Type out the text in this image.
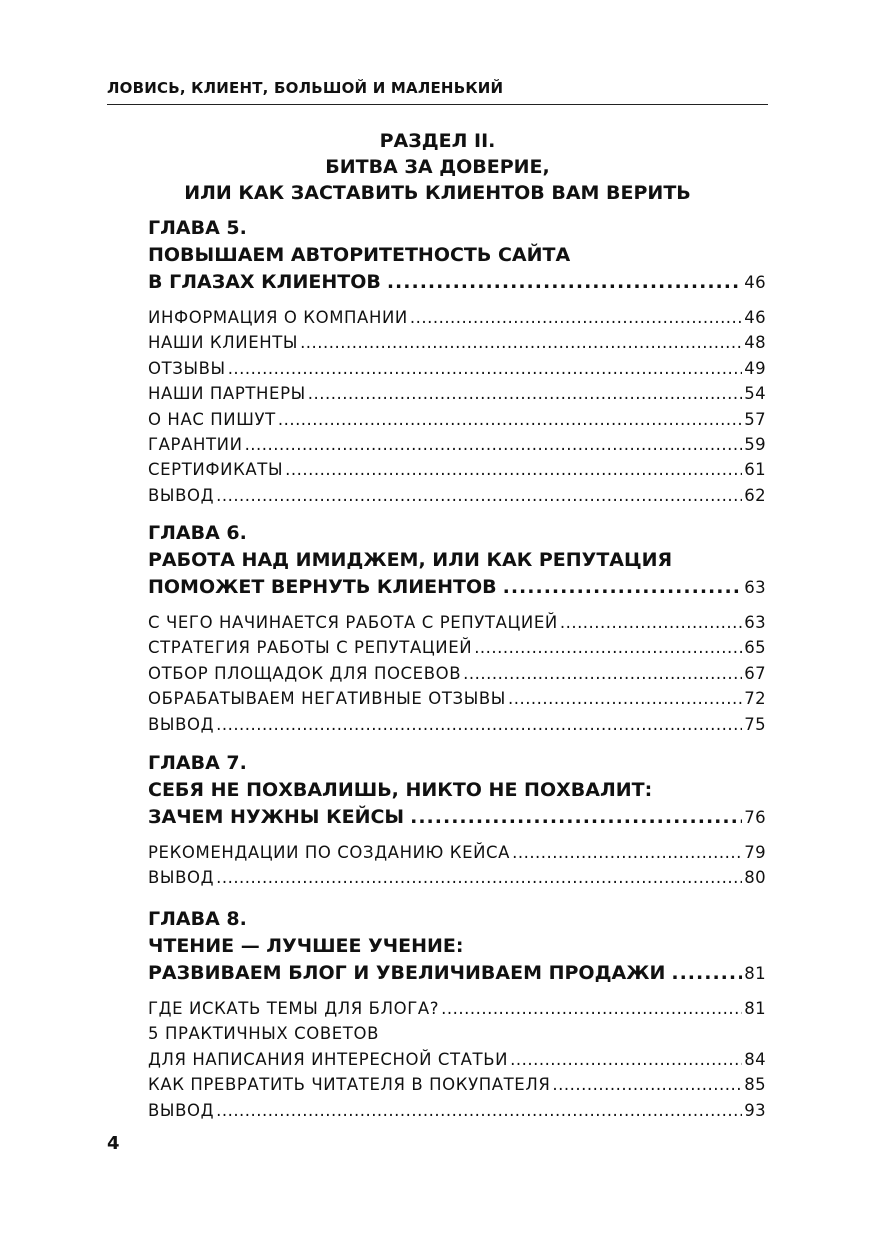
ЛОВИСЬ, КЛИЕНТ, БОЛЬШОЙ И МАЛЕНЬКИЙ
РАЗДЕЛ II.
БИТВА ЗА ДОВЕРИЕ,
ИЛИ КАК ЗАСТАВИТЬ КЛИЕНТОВ ВАМ ВЕРИТЬ
ГЛАВА 5.
ПОВЫШАЕМ АВТОРИТЕТНОСТЬ САЙТА
В ГЛАЗАХ КЛИЕНТОВ .....	46
ИНФОРМАЦИЯ О КОМПАНИИ .....	46
НАШИ КЛИЕНТЫ .....	48
ОТЗЫВЫ .....	49
НАШИ ПАРТНЕРЫ .....	54
О НАС ПИШУТ .....	57
ГАРАНТИИ .....	59
СЕРТИФИКАТЫ .....	61
ВЫВОД .....	62
ГЛАВА 6.
РАБОТА НАД ИМИДЖЕМ, ИЛИ КАК РЕПУТАЦИЯ
ПОМОЖЕТ ВЕРНУТЬ КЛИЕНТОВ .....	63
С ЧЕГО НАЧИНАЕТСЯ РАБОТА С РЕПУТАЦИЕЙ .....	63
СТРАТЕГИЯ РАБОТЫ С РЕПУТАЦИЕЙ .....	65
ОТБОР ПЛОЩАДОК ДЛЯ ПОСЕВОВ .....	67
ОБРАБАТЫВАЕМ НЕГАТИВНЫЕ ОТЗЫВЫ .....	72
ВЫВОД .....	75
ГЛАВА 7.
СЕБЯ НЕ ПОХВАЛИШЬ, НИКТО НЕ ПОХВАЛИТ:
ЗАЧЕМ НУЖНЫ КЕЙСЫ .....	76
РЕКОМЕНДАЦИИ ПО СОЗДАНИЮ КЕЙСА .....	79
ВЫВОД .....	80
ГЛАВА 8.
ЧТЕНИЕ — ЛУЧШЕЕ УЧЕНИЕ:
РАЗВИВАЕМ БЛОГ И УВЕЛИЧИВАЕМ ПРОДАЖИ .....	81
ГДЕ ИСКАТЬ ТЕМЫ ДЛЯ БЛОГА? .....	81
5 ПРАКТИЧНЫХ СОВЕТОВ
ДЛЯ НАПИСАНИЯ ИНТЕРЕСНОЙ СТАТЬИ .....	84
КАК ПРЕВРАТИТЬ ЧИТАТЕЛЯ В ПОКУПАТЕЛЯ .....	85
ВЫВОД .....	93
4
